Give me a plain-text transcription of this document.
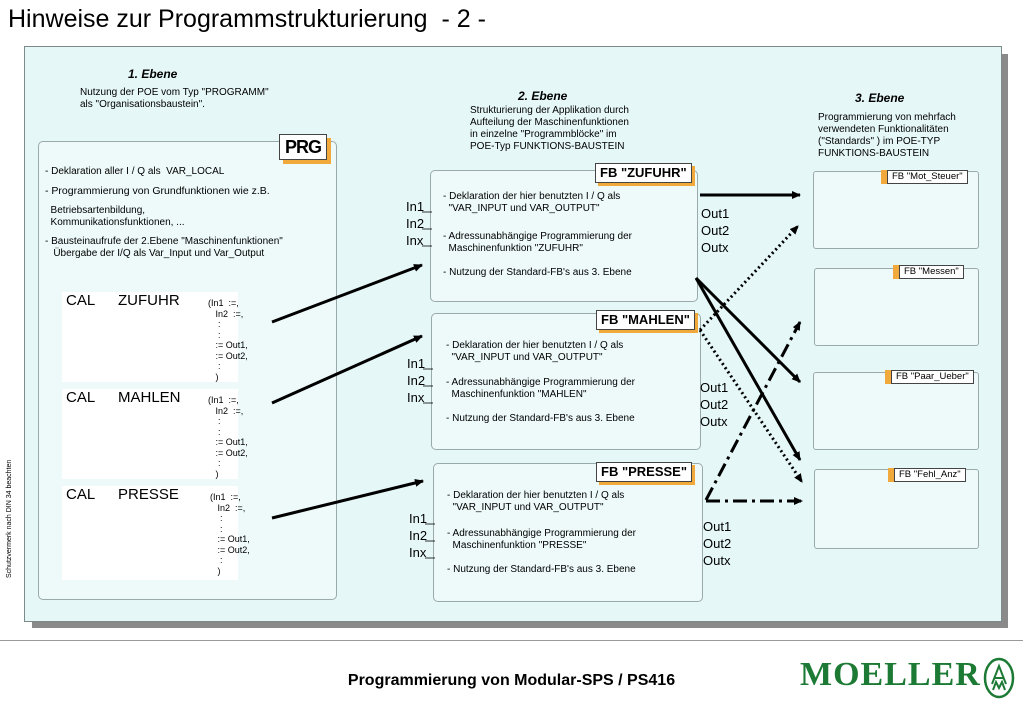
Hinweise zur Programmstrukturierung  - 2 -
1. Ebene
Nutzung der POE vom Typ "PROGRAMM"
als "Organisationsbaustein".
PRG
- Deklaration aller I / Q als  VAR_LOCAL
- Programmierung von Grundfunktionen wie z.B.
Betriebsartenbildung,
Kommunikationsfunktionen, ...
- Bausteinaufrufe der 2.Ebene "Maschinenfunktionen"
Übergabe der I/Q als Var_Input und Var_Output
CAL ZUFUHR	(In1  :=,
In2  :=,
:
:
:= Out1,
:= Out2,
:
)
CAL MAHLEN	(In1  :=,
In2  :=,
:
:
:= Out1,
:= Out2,
:
)
CAL PRESSE	(In1  :=,
In2  :=,
:
:
:= Out1,
:= Out2,
:
)
2. Ebene
Strukturierung der Applikation durch
Aufteilung der Maschinenfunktionen
in einzelne "Programmblöcke" im
POE-Typ FUNKTIONS-BAUSTEIN
FB "ZUFUHR"
- Deklaration der hier benutzten I / Q als
"VAR_INPUT und VAR_OUTPUT"
- Adressunabhängige Programmierung der
Maschinenfunktion "ZUFUHR"
- Nutzung der Standard-FB's aus 3. Ebene
In1
In2
Inx
Out1
Out2
Outx
FB "MAHLEN"
- Deklaration der hier benutzten I / Q als
"VAR_INPUT und VAR_OUTPUT"
- Adressunabhängige Programmierung der
Maschinenfunktion "MAHLEN"
- Nutzung der Standard-FB's aus 3. Ebene
In1
In2
Inx
Out1
Out2
Outx
FB "PRESSE"
- Deklaration der hier benutzten I / Q als
"VAR_INPUT und VAR_OUTPUT"
- Adressunabhängige Programmierung der
Maschinenfunktion "PRESSE"
- Nutzung der Standard-FB's aus 3. Ebene
In1
In2
Inx
Out1
Out2
Outx
3. Ebene
Programmierung von mehrfach
verwendeten Funktionalitäten
("Standards" ) im POE-TYP
FUNKTIONS-BAUSTEIN
FB "Mot_Steuer"
FB "Messen"
FB "Paar_Ueber"
FB "Fehl_Anz"
Schutzvermerk nach DIN 34 beachten
Programmierung von Modular-SPS / PS416	MOELLER
